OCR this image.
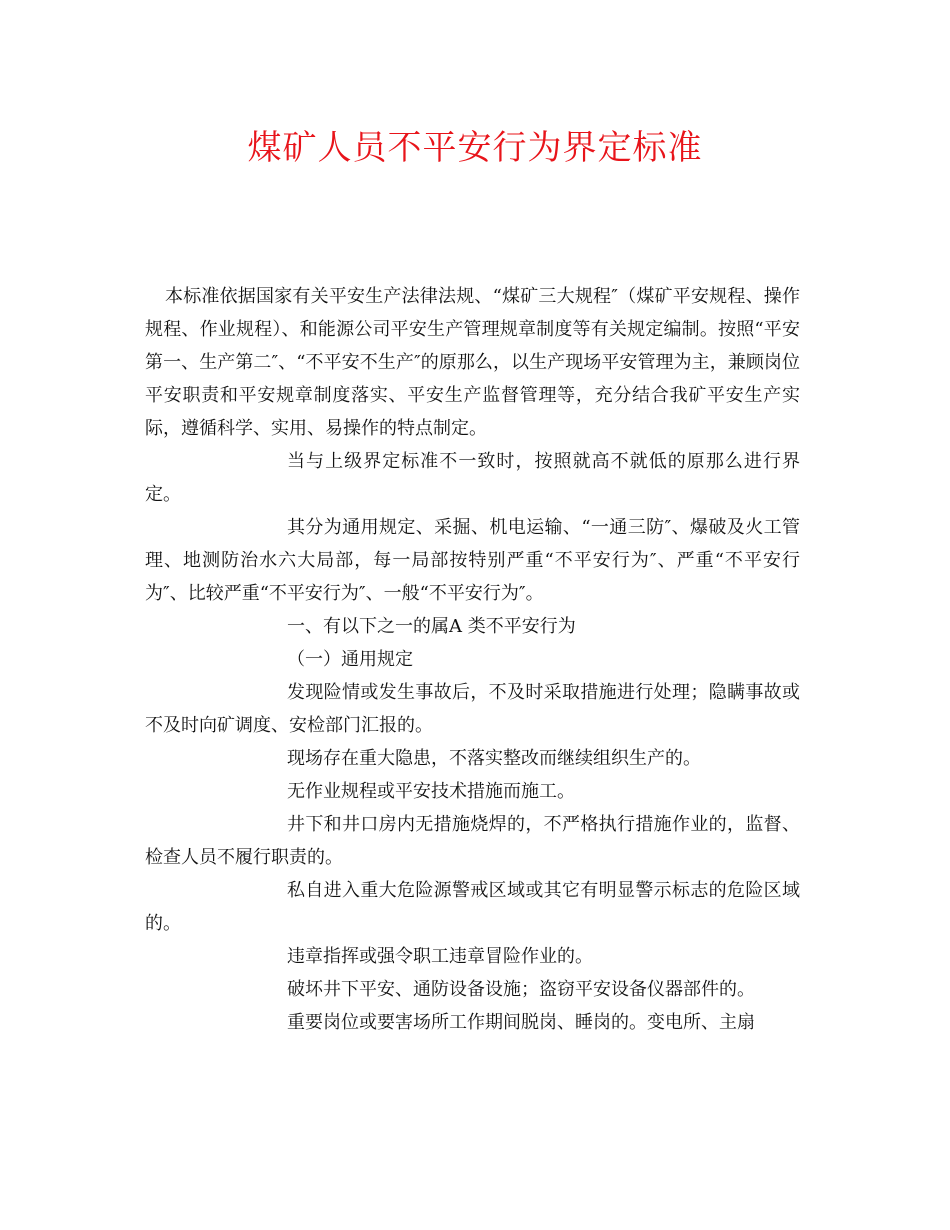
煤矿人员不平安行为界定标准

本标准依据国家有关平安生产法律法规、“煤矿三大规程″（煤矿平安规程、操作规程、作业规程）、和能源公司平安生产管理规章制度等有关规定编制。按照“平安第一、生产第二″、“不平安不生产″的原那么，以生产现场平安管理为主，兼顾岗位平安职责和平安规章制度落实、平安生产监督管理等，充分结合我矿平安生产实际，遵循科学、实用、易操作的特点制定。

当与上级界定标准不一致时，按照就高不就低的原那么进行界定。

其分为通用规定、采掘、机电运输、“一通三防″、爆破及火工管理、地测防治水六大局部，每一局部按特别严重“不平安行为″、严重“不平安行为″、比较严重“不平安行为″、一般“不平安行为″。

一、有以下之一的属A 类不平安行为

（一）通用规定

发现险情或发生事故后，不及时采取措施进行处理；隐瞒事故或不及时向矿调度、安检部门汇报的。

现场存在重大隐患，不落实整改而继续组织生产的。

无作业规程或平安技术措施而施工。

井下和井口房内无措施烧焊的，不严格执行措施作业的，监督、检查人员不履行职责的。

私自进入重大危险源警戒区域或其它有明显警示标志的危险区域的。

违章指挥或强令职工违章冒险作业的。

破坏井下平安、通防设备设施；盗窃平安设备仪器部件的。

重要岗位或要害场所工作期间脱岗、睡岗的。变电所、主扇
